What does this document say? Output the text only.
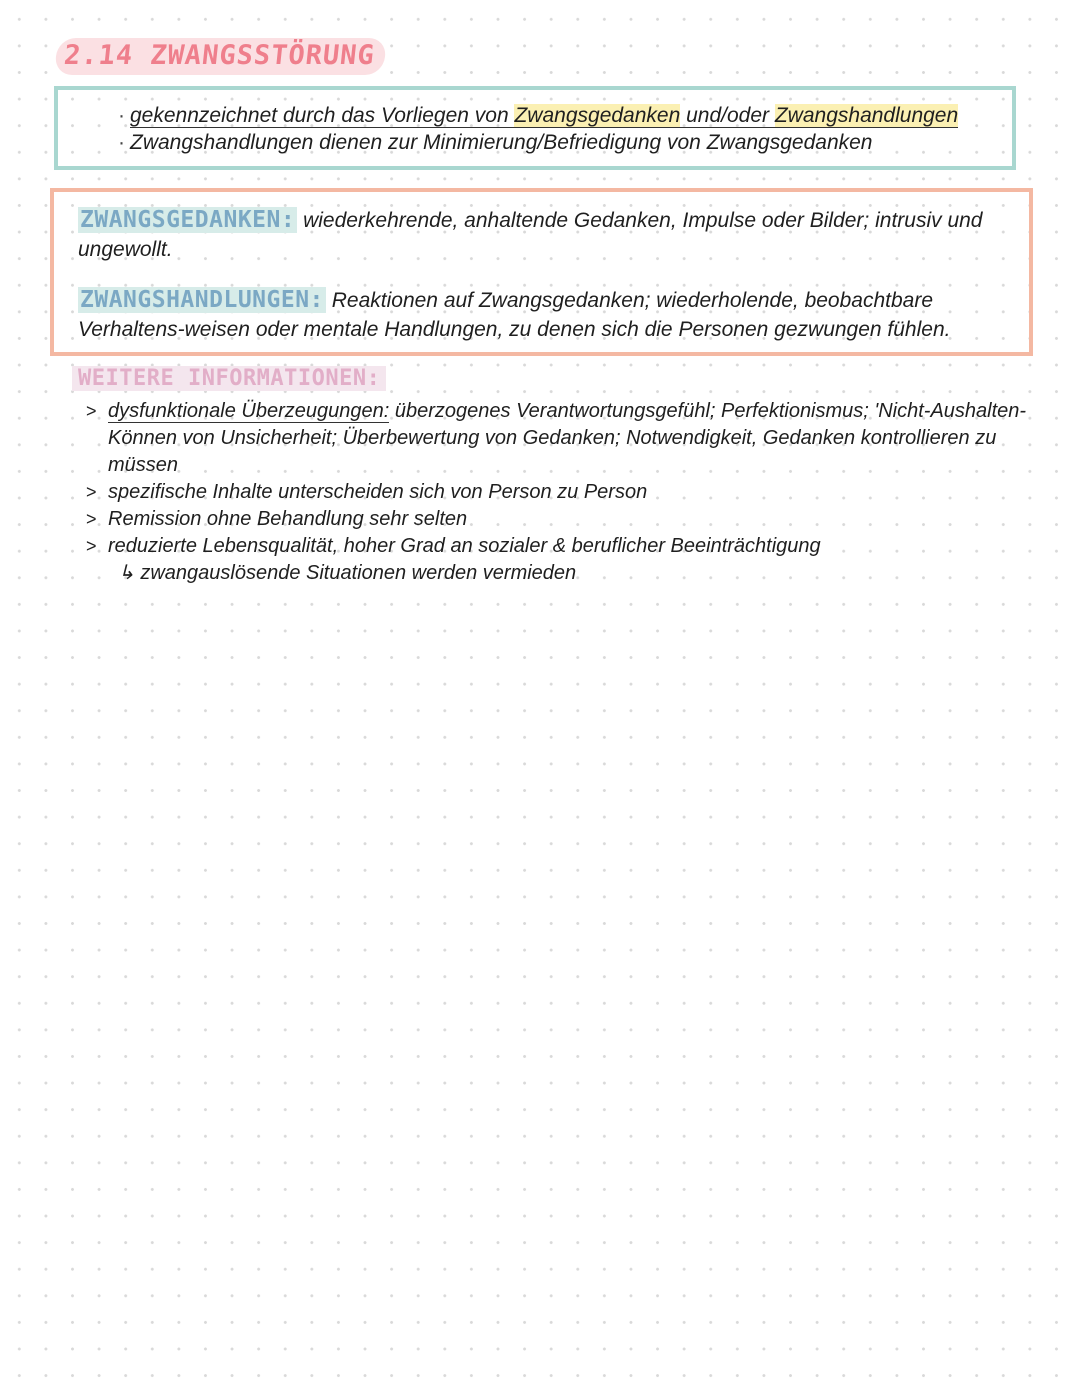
2.14 ZWANGSSTÖRUNG
· gekennzeichnet durch das Vorliegen von Zwangsgedanken und/oder Zwangshandlungen
· Zwangshandlungen dienen zur Minimierung/Befriedigung von Zwangsgedanken
ZWANGSGEDANKEN: wiederkehrende, anhaltende Gedanken, Impulse oder Bilder; intrusiv und ungewollt.
ZWANGSHANDLUNGEN: Reaktionen auf Zwangsgedanken; wiederholende, beobachtbare Verhaltens-weisen oder mentale Handlungen, zu denen sich die Personen gezwungen fühlen.
WEITERE INFORMATIONEN:
> dysfunktionale Überzeugungen: überzogenes Verantwortungsgefühl; Perfektionismus; 'Nicht-Aushalten-Können von Unsicherheit; Überbewertung von Gedanken; Notwendigkeit, Gedanken kontrollieren zu müssen
> spezifische Inhalte unterscheiden sich von Person zu Person
> Remission ohne Behandlung sehr selten
> reduzierte Lebensqualität, hoher Grad an sozialer & beruflicher Beeinträchtigung
↳ zwangauslösende Situationen werden vermieden
